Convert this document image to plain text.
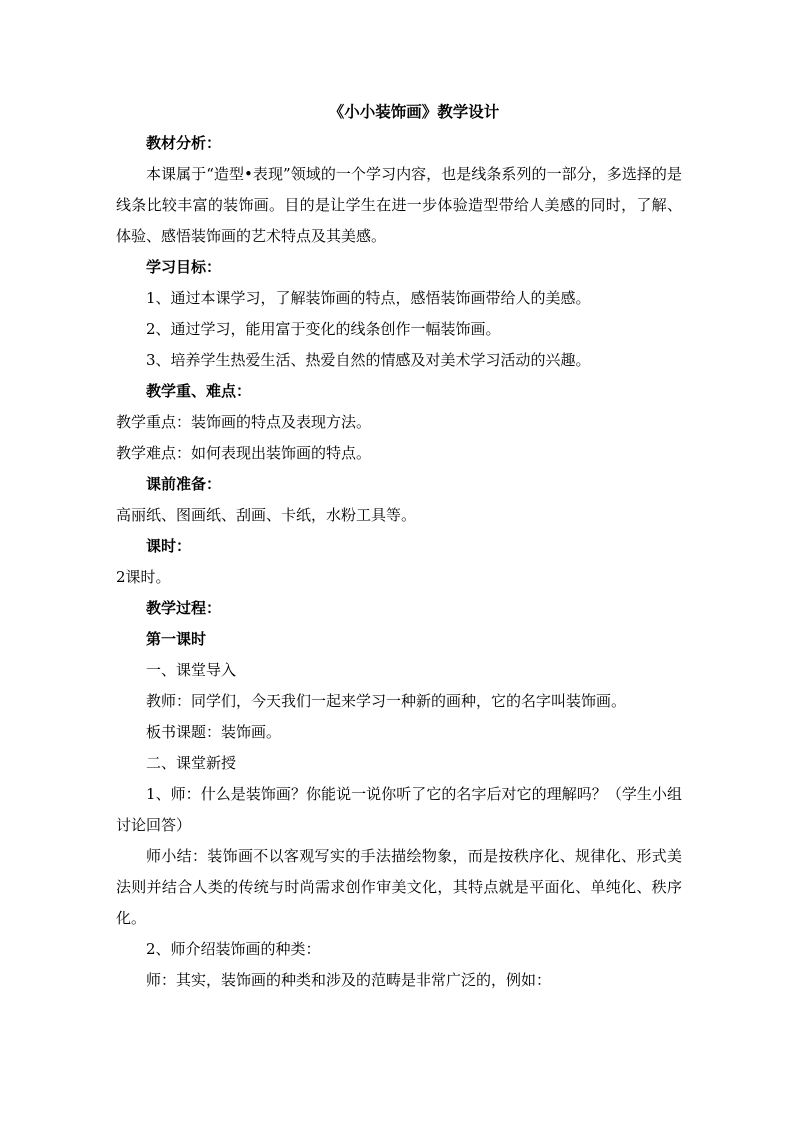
《小小装饰画》教学设计

教材分析：

本课属于“造型•表现”领域的一个学习内容，也是线条系列的一部分，多选择的是线条比较丰富的装饰画。目的是让学生在进一步体验造型带给人美感的同时，了解、体验、感悟装饰画的艺术特点及其美感。

学习目标：

1、通过本课学习，了解装饰画的特点，感悟装饰画带给人的美感。

2、通过学习，能用富于变化的线条创作一幅装饰画。

3、培养学生热爱生活、热爱自然的情感及对美术学习活动的兴趣。

教学重、难点：

教学重点：装饰画的特点及表现方法。

教学难点：如何表现出装饰画的特点。

课前准备：

高丽纸、图画纸、刮画、卡纸，水粉工具等。

课时：

2课时。

教学过程：

第一课时

一、课堂导入

教师：同学们，今天我们一起来学习一种新的画种，它的名字叫装饰画。

板书课题：装饰画。

二、课堂新授

1、师：什么是装饰画？你能说一说你听了它的名字后对它的理解吗？（学生小组讨论回答）

师小结：装饰画不以客观写实的手法描绘物象，而是按秩序化、规律化、形式美法则并结合人类的传统与时尚需求创作审美文化，其特点就是平面化、单纯化、秩序化。

2、师介绍装饰画的种类：

师：其实，装饰画的种类和涉及的范畴是非常广泛的，例如：
